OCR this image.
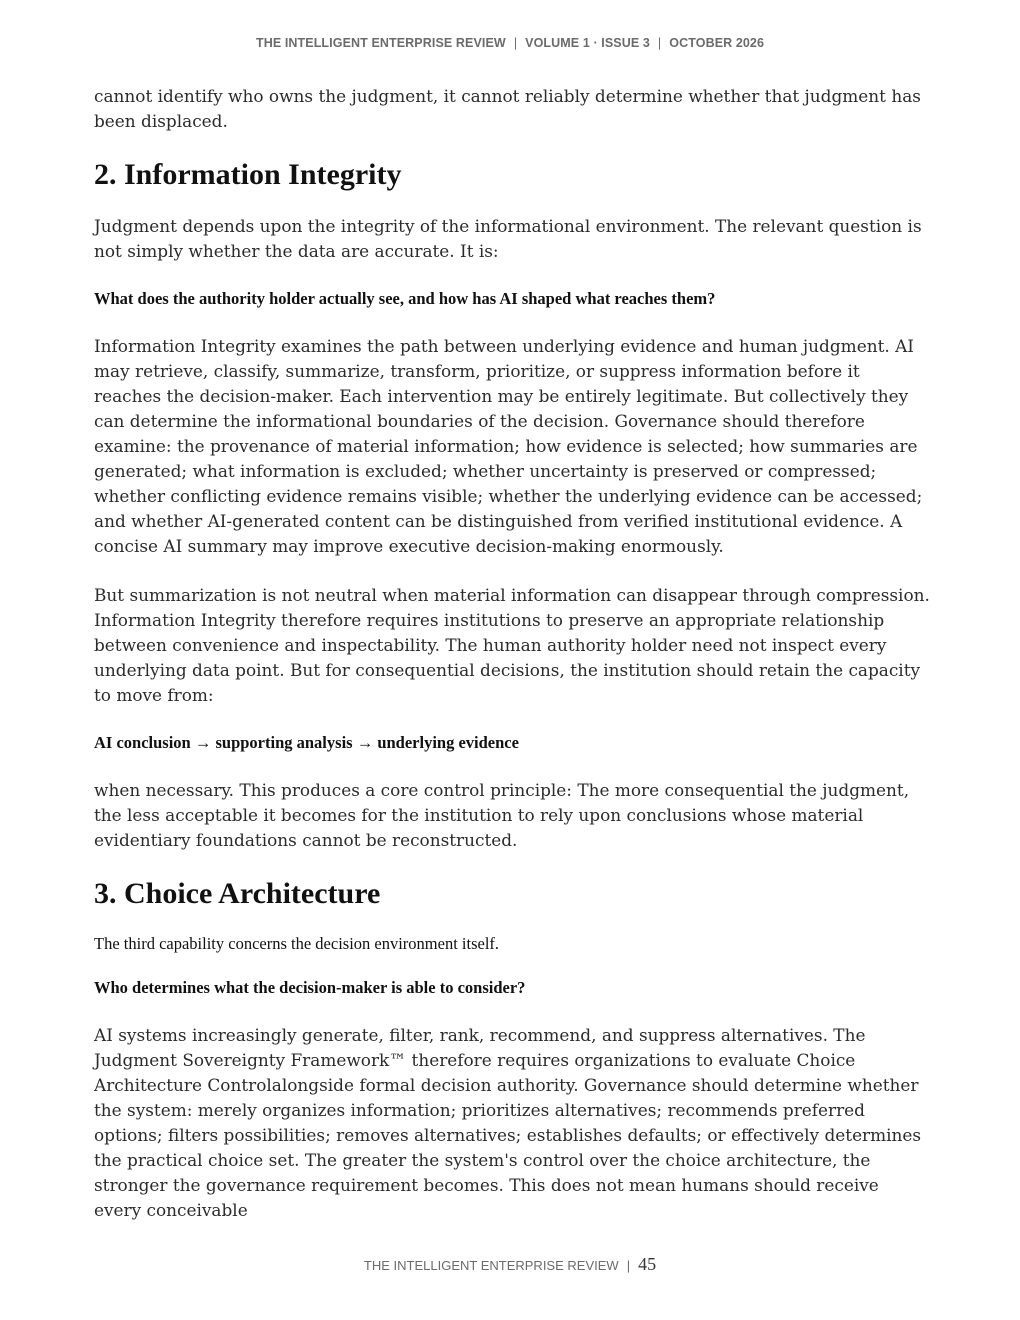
THE INTELLIGENT ENTERPRISE REVIEW | VOLUME 1 · ISSUE 3 | OCTOBER 2026

cannot identify who owns the judgment, it cannot reliably determine whether that judgment has been displaced.

2. Information Integrity

Judgment depends upon the integrity of the informational environment. The relevant question is not simply whether the data are accurate. It is:

What does the authority holder actually see, and how has AI shaped what reaches them?

Information Integrity examines the path between underlying evidence and human judgment. AI may retrieve, classify, summarize, transform, prioritize, or suppress information before it reaches the decision-maker. Each intervention may be entirely legitimate. But collectively they can determine the informational boundaries of the decision. Governance should therefore examine: the provenance of material information; how evidence is selected; how summaries are generated; what information is excluded; whether uncertainty is preserved or compressed; whether conflicting evidence remains visible; whether the underlying evidence can be accessed; and whether AI-generated content can be distinguished from verified institutional evidence. A concise AI summary may improve executive decision-making enormously.

But summarization is not neutral when material information can disappear through compression. Information Integrity therefore requires institutions to preserve an appropriate relationship between convenience and inspectability. The human authority holder need not inspect every underlying data point. But for consequential decisions, the institution should retain the capacity to move from:

AI conclusion → supporting analysis → underlying evidence

when necessary. This produces a core control principle: The more consequential the judgment, the less acceptable it becomes for the institution to rely upon conclusions whose material evidentiary foundations cannot be reconstructed.

3. Choice Architecture

The third capability concerns the decision environment itself.

Who determines what the decision-maker is able to consider?

AI systems increasingly generate, filter, rank, recommend, and suppress alternatives. The Judgment Sovereignty Framework™ therefore requires organizations to evaluate Choice Architecture Controlalongside formal decision authority. Governance should determine whether the system: merely organizes information; prioritizes alternatives; recommends preferred options; filters possibilities; removes alternatives; establishes defaults; or effectively determines the practical choice set. The greater the system's control over the choice architecture, the stronger the governance requirement becomes. This does not mean humans should receive every conceivable

THE INTELLIGENT ENTERPRISE REVIEW | 45
